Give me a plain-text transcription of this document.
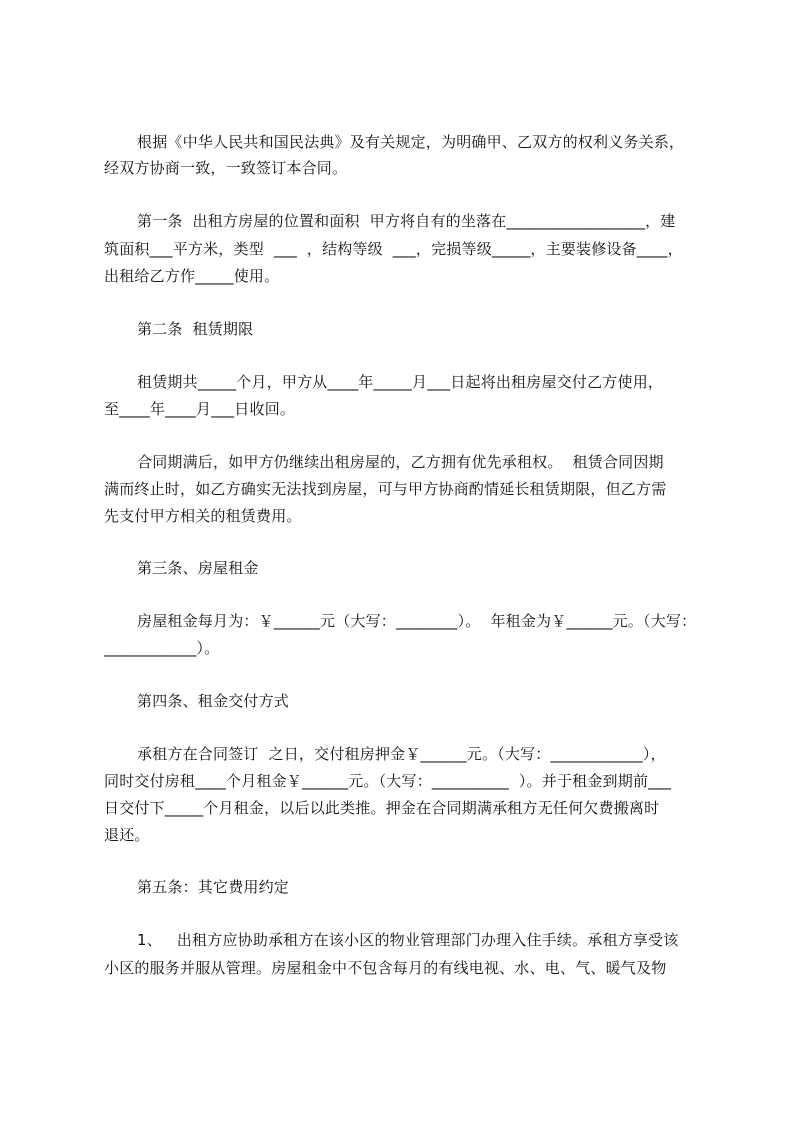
根据《中华人民共和国民法典》及有关规定，为明确甲、乙双方的权利义务关系，
经双方协商一致，一致签订本合同。
第一条  出租方房屋的位置和面积  甲方将自有的坐落在__________________，建
筑面积___平方米，类型  ___  ，结构等级  ___，完损等级_____，主要装修设备____，
出租给乙方作_____使用。
第二条  租赁期限
租赁期共_____个月，甲方从____年_____月___日起将出租房屋交付乙方使用，
至____年____月___日收回。
合同期满后，如甲方仍继续出租房屋的，乙方拥有优先承租权。  租赁合同因期
满而终止时，如乙方确实无法找到房屋，可与甲方协商酌情延长租赁期限，但乙方需
先支付甲方相关的租赁费用。
第三条、房屋租金
房屋租金每月为：￥______元（大写：________）。  年租金为￥______元。（大写：
____________）。
第四条、租金交付方式
承租方在合同签订  之日，交付租房押金￥______元。（大写：____________），
同时交付房租____个月租金￥______元。（大写：__________  ）。并于租金到期前___
日交付下_____个月租金，以后以此类推。押金在合同期满承租方无任何欠费搬离时
退还。
第五条：其它费用约定
1、   出租方应协助承租方在该小区的物业管理部门办理入住手续。承租方享受该
小区的服务并服从管理。房屋租金中不包含每月的有线电视、水、电、气、暖气及物
